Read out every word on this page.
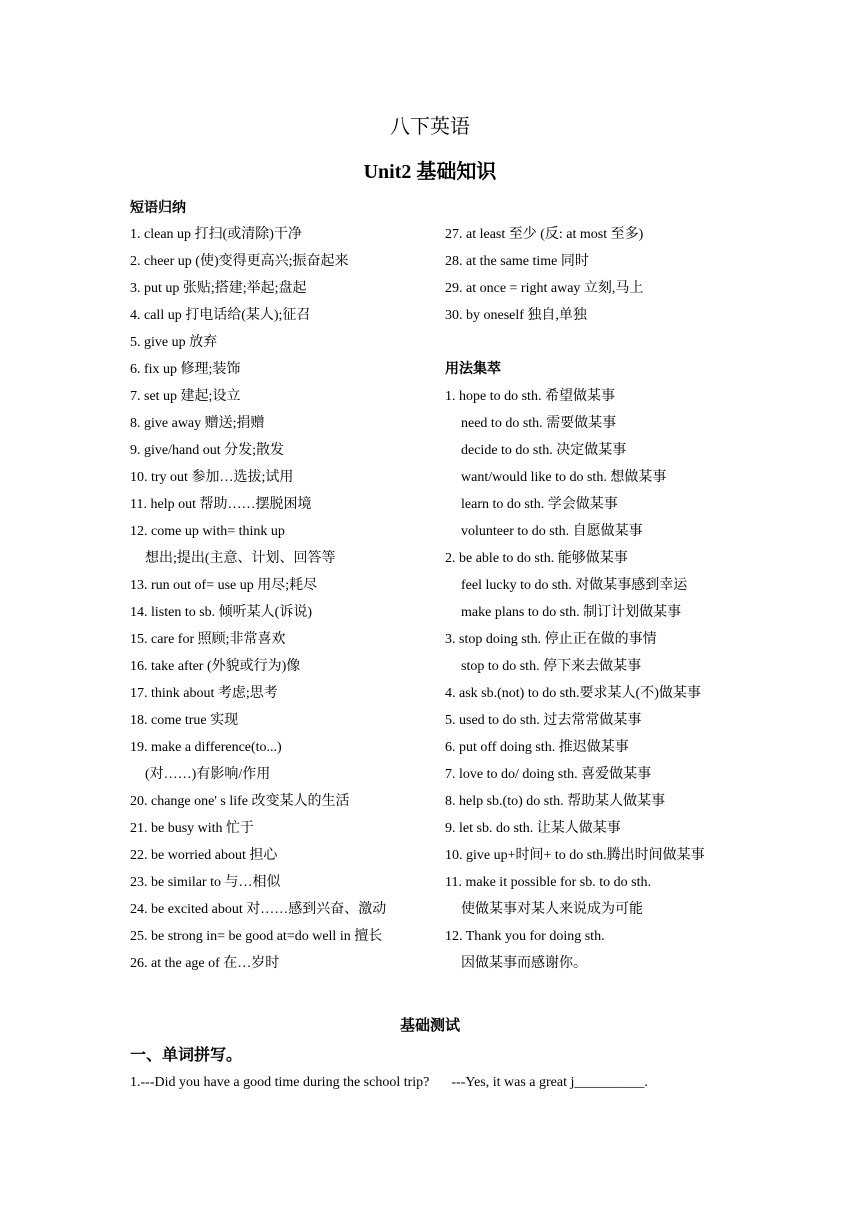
八下英语
Unit2 基础知识
短语归纳
1. clean up 打扫(或清除)干净
2. cheer up (使)变得更高兴;振奋起来
3. put up 张贴;搭建;举起;盘起
4. call up 打电话给(某人);征召
5. give up 放弃
6. fix up 修理;装饰
7. set up 建起;设立
8. give away 赠送;捐赠
9. give/hand out 分发;散发
10. try out 参加…选拔;试用
11. help out 帮助……摆脱困境
12. come up with= think up
想出;提出(主意、计划、回答等
13. run out of= use up 用尽;耗尽
14. listen to sb. 倾听某人(诉说)
15. care for 照顾;非常喜欢
16. take after (外貌或行为)像
17. think about 考虑;思考
18. come true 实现
19. make a difference(to...)
(对……)有影响/作用
20. change one' s life 改变某人的生活
21. be busy with 忙于
22. be worried about 担心
23. be similar to 与…相似
24. be excited about 对……感到兴奋、激动
25. be strong in= be good at=do well in 擅长
26. at the age of 在…岁时
27. at least 至少 (反: at most 至多)
28. at the same time 同时
29. at once = right away 立刻,马上
30. by oneself 独自,单独
用法集萃
1. hope to do sth. 希望做某事
need to do sth. 需要做某事
decide to do sth. 决定做某事
want/would like to do sth. 想做某事
learn to do sth. 学会做某事
volunteer to do sth. 自愿做某事
2. be able to do sth. 能够做某事
feel lucky to do sth. 对做某事感到幸运
make plans to do sth. 制订计划做某事
3. stop doing sth. 停止正在做的事情
stop to do sth. 停下来去做某事
4. ask sb.(not) to do sth.要求某人(不)做某事
5. used to do sth. 过去常常做某事
6. put off doing sth. 推迟做某事
7. love to do/ doing sth. 喜爱做某事
8. help sb.(to) do sth. 帮助某人做某事
9. let sb. do sth. 让某人做某事
10. give up+时间+ to do sth.腾出时间做某事
11. make it possible for sb. to do sth.
使做某事对某人来说成为可能
12. Thank you for doing sth.
因做某事而感谢你。
基础测试
一、单词拼写。
1.---Did you have a good time during the school trip? ---Yes, it was a great j__________.
